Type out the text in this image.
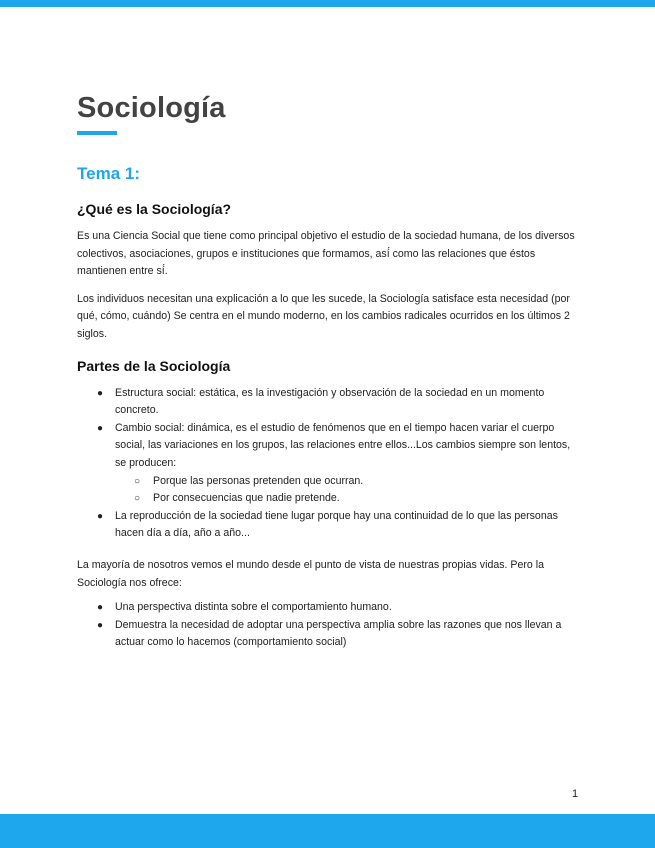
Sociología
Tema 1:
¿Qué es la Sociología?

Es una Ciencia Social que tiene como principal objetivo el estudio de la sociedad humana, de los diversos colectivos, asociaciones, grupos e instituciones que formamos, así́ como las relaciones que éstos mantienen entre sí́.

Los individuos necesitan una explicación a lo que les sucede, la Sociología satisface esta necesidad (por qué, cómo, cuándo) Se centra en el mundo moderno, en los cambios radicales ocurridos en los últimos 2 siglos.

Partes de la Sociología
● Estructura social: estática, es la investigación y observación de la sociedad en un momento concreto.
● Cambio social: dinámica, es el estudio de fenómenos que en el tiempo hacen variar el cuerpo social, las variaciones en los grupos, las relaciones entre ellos...Los cambios siempre son lentos, se producen:
○ Porque las personas pretenden que ocurran.
○ Por consecuencias que nadie pretende.
● La reproducción de la sociedad tiene lugar porque hay una continuidad de lo que las personas hacen día a día, año a año...

La mayoría de nosotros vemos el mundo desde el punto de vista de nuestras propias vidas. Pero la Sociología nos ofrece:

● Una perspectiva distinta sobre el comportamiento humano.
● Demuestra la necesidad de adoptar una perspectiva amplia sobre las razones que nos llevan a actuar como lo hacemos (comportamiento social)
1
